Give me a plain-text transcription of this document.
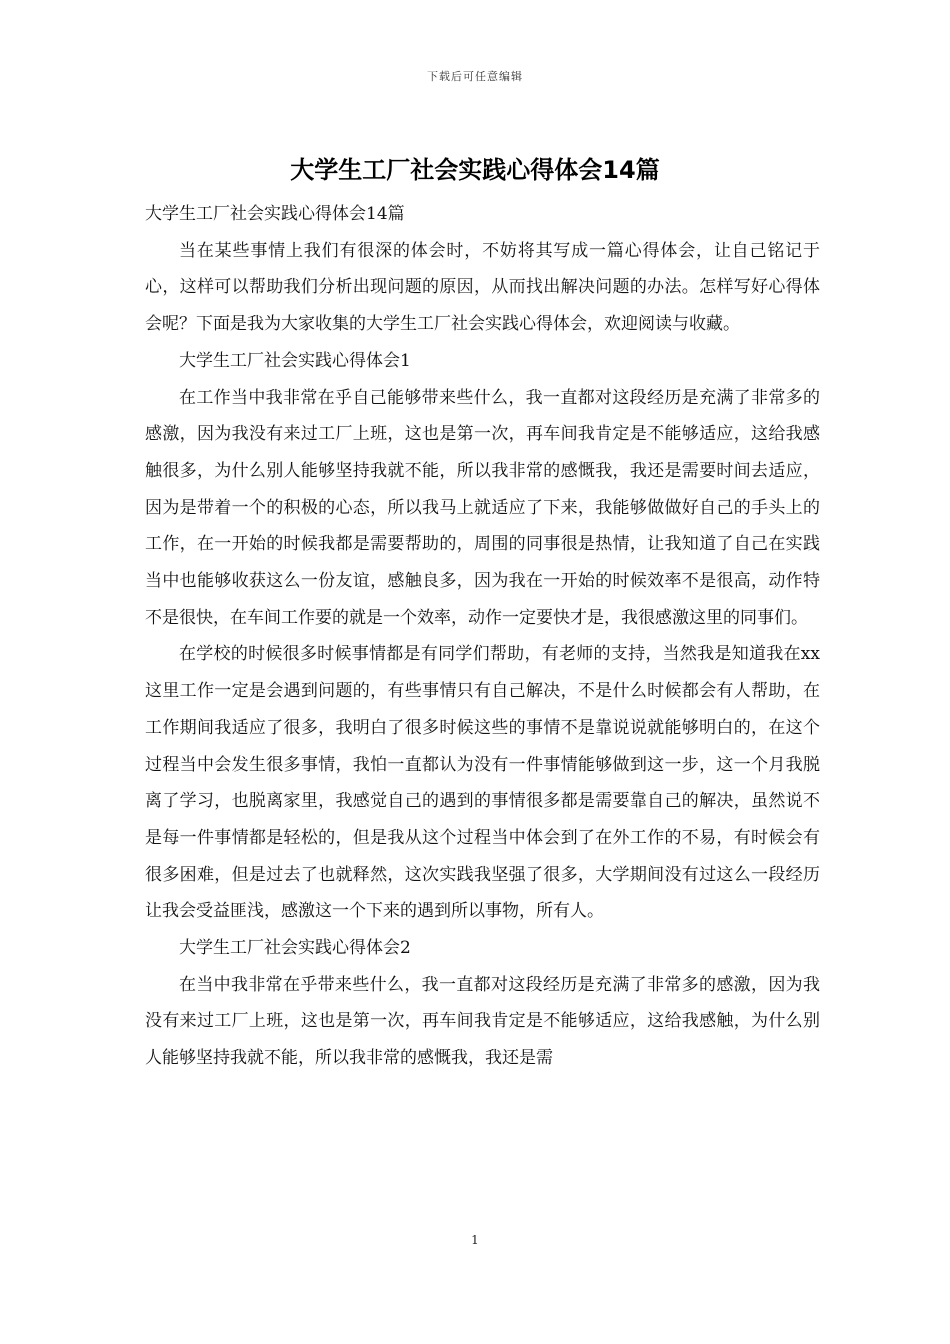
下载后可任意编辑
大学生工厂社会实践心得体会14篇
大学生工厂社会实践心得体会14篇

当在某些事情上我们有很深的体会时，不妨将其写成一篇心得体会，让自己铭记于心，这样可以帮助我们分析出现问题的原因，从而找出解决问题的办法。怎样写好心得体会呢？下面是我为大家收集的大学生工厂社会实践心得体会，欢迎阅读与收藏。

大学生工厂社会实践心得体会1

在工作当中我非常在乎自己能够带来些什么，我一直都对这段经历是充满了非常多的感激，因为我没有来过工厂上班，这也是第一次，再车间我肯定是不能够适应，这给我感触很多，为什么别人能够坚持我就不能，所以我非常的感慨我，我还是需要时间去适应，因为是带着一个的积极的心态，所以我马上就适应了下来，我能够做做好自己的手头上的工作，在一开始的时候我都是需要帮助的，周围的同事很是热情，让我知道了自己在实践当中也能够收获这么一份友谊，感触良多，因为我在一开始的时候效率不是很高，动作特不是很快，在车间工作要的就是一个效率，动作一定要快才是，我很感激这里的同事们。

在学校的时候很多时候事情都是有同学们帮助，有老师的支持，当然我是知道我在xx这里工作一定是会遇到问题的，有些事情只有自己解决，不是什么时候都会有人帮助，在工作期间我适应了很多，我明白了很多时候这些的事情不是靠说说就能够明白的，在这个过程当中会发生很多事情，我怕一直都认为没有一件事情能够做到这一步，这一个月我脱离了学习，也脱离家里，我感觉自己的遇到的事情很多都是需要靠自己的解决，虽然说不是每一件事情都是轻松的，但是我从这个过程当中体会到了在外工作的不易，有时候会有很多困难，但是过去了也就释然，这次实践我坚强了很多，大学期间没有过这么一段经历让我会受益匪浅，感激这一个下来的遇到所以事物，所有人。

大学生工厂社会实践心得体会2

在当中我非常在乎带来些什么，我一直都对这段经历是充满了非常多的感激，因为我没有来过工厂上班，这也是第一次，再车间我肯定是不能够适应，这给我感触，为什么别人能够坚持我就不能，所以我非常的感慨我，我还是需

1
